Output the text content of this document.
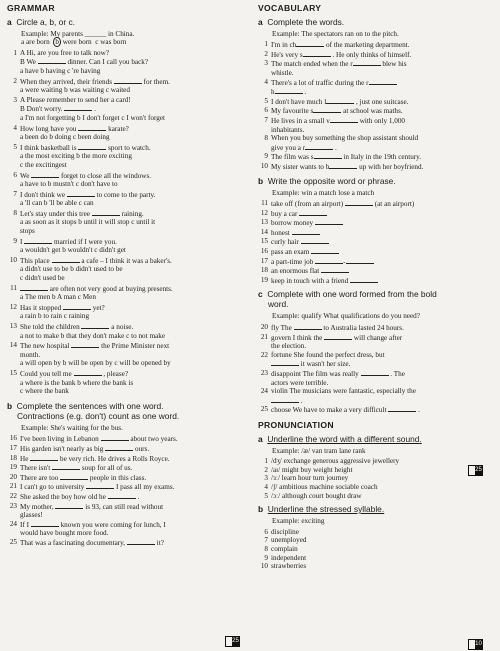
GRAMMAR
a Circle a, b, or c.
Example: My parents ______ in China.
a are born b were born c was born
1 A Hi, are you free to talk now?
B We	dinner. Can I call you back?
a have b having c 're having
2 When they arrived, their friends	for them.
a were waiting b was waiting c waited
3 A Please remember to send her a card!
B Don't worry.	.
a I'm not forgetting b I don't forget c I won't forget
4 How long have you	karate?
a been do b doing c been doing
5 I think basketball is	sport to watch.
a the most exciting b the more exciting
c the excitingest
6 We	forget to close all the windows.
a have to b mustn't c don't have to
7 I don't think we	to come to the party.
a 'll can b 'll be able c can
8 Let's stay under this tree	raining.
a as soon as it stops b until it will stop c until it
stops
9 I	married if I were you.
a wouldn't get b wouldn't c didn't get
10 This place	a cafe – I think it was a baker's.
a didn't use to be b didn't used to be
c didn't used be
11	are often not very good at buying presents.
a The men b A man c Men
12 Has it stopped	yet?
a rain b to rain c raining
13 She told the children	a noise.
a not to make b that they don't make c to not make
14 The new hospital	the Prime Minister next
month.
a will open by b will be open by c will be opened by
15 Could you tell me	, please?
a where is the bank b where the bank is
c where the bank
b Complete the sentences with one word.
Contractions (e.g. don't) count as one word.
Example: She's waiting for the bus.
16 I've been living in Lebanon	about two years.
17 His garden isn't nearly as big	ours.
18 He	be very rich. He drives a Rolls Royce.
19 There isn't	soup for all of us.
20 There are too	people in this class.
21 I can't go to university	I pass all my exams.
22 She asked the boy how old he	.
23 My mother,	is 93, can still read without
glasses!
24 If I	known you were coming for lunch, I
would have bought more food.
25 That was a fascinating documentary,	it?
25
VOCABULARY
a Complete the words.
Example: The spectators ran on to the pitch.
1 I'm in ch	of the marketing department.
2 He's very s	. He only thinks of himself.
3 The match ended when the r	blew his
whistle.
4 There's a lot of traffic during the r
h	.
5 I don't have much l	, just one suitcase.
6 My favourite s	at school was maths.
7 He lives in a small v	with only 1,000
inhabitants.
8 When you buy something the shop assistant should
give you a r	.
9 The film was s	in Italy in the 19th century.
10 My sister wants to b	up with her boyfriend.
b Write the opposite word or phrase.
Example: win a match lose a match
11 take off (from an airport)	(at an airport)
12 buy a car
13 borrow money
14 honest
15 curly hair
16 pass an exam
17 a part-time job	-
18 an enormous flat
19 keep in touch with a friend
c Complete with one word formed from the bold
word.
Example: qualify What qualifications do you need?
20 fly The	to Australia lasted 24 hours.
21 govern I think the	will change after
the election.
22 fortune She found the perfect dress, but
it wasn't her size.
23 disappoint The film was really	. The
actors were terrible.
24 violin The musicians were fantastic, especially the
.
25 choose We have to make a very difficult	.
PRONUNCIATION
a Underline the word with a different sound.
Example: /æ/ van tram lane rank
1 /dʒ/ exchange generous aggressive jewellery
2 /aɪ/ might buy weight height
3 /ɜː/ learn hour turn journey
4 /ʃ/ ambitious machine sociable coach
5 /ɔː/ although court bought draw
b Underline the stressed syllable.
Example: exciting
6 discipline
7 unemployed
8 complain
9 independent
10 strawberries
25
10
